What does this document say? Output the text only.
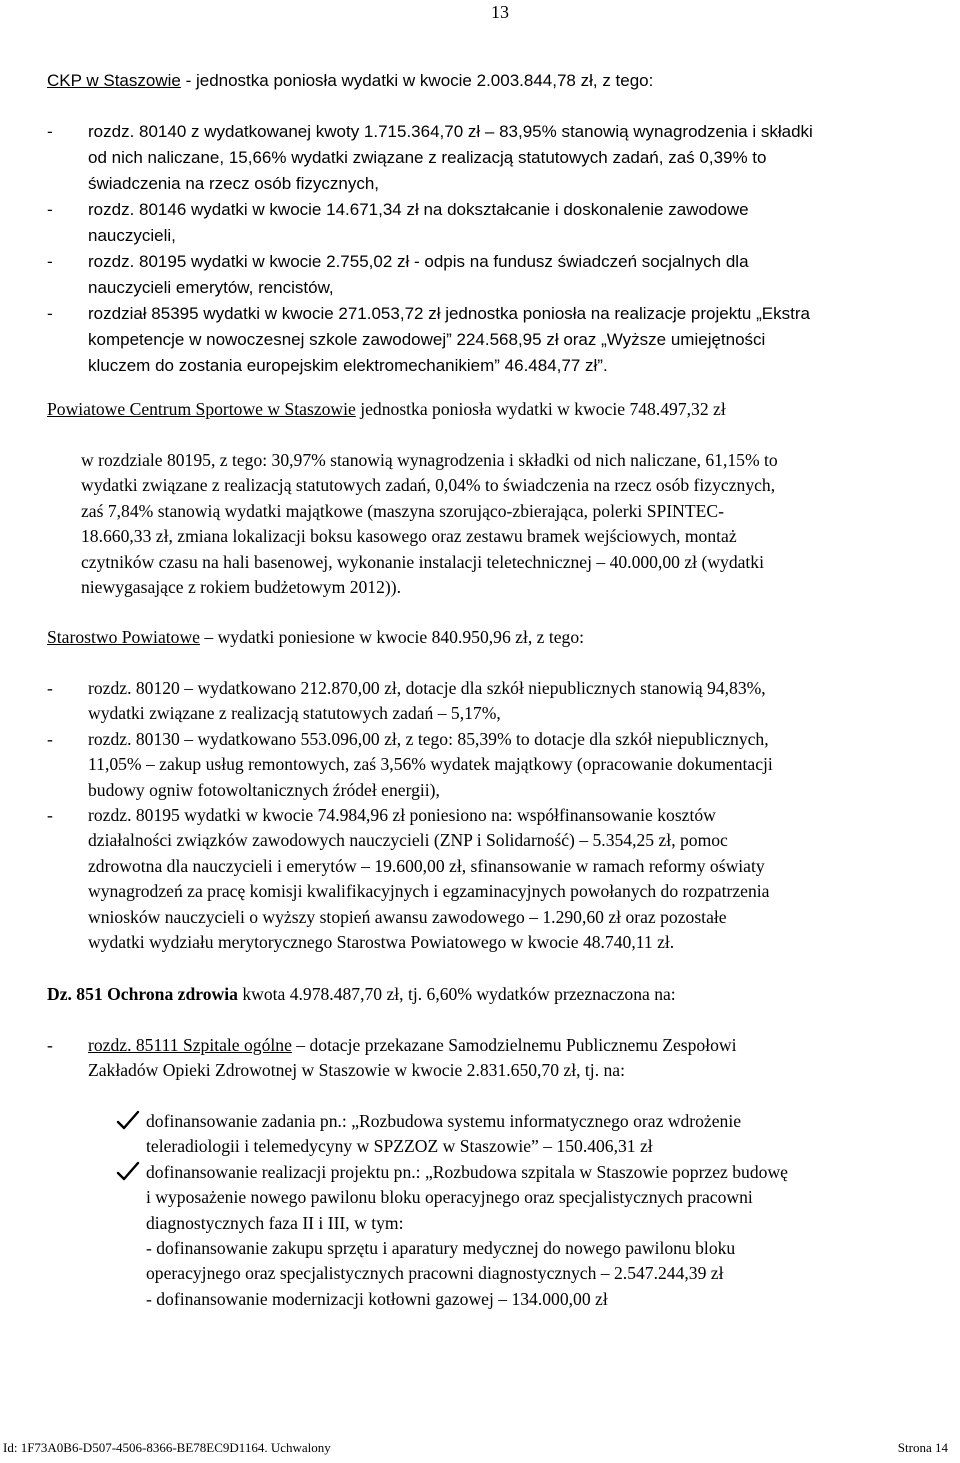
13

CKP w Staszowie - jednostka poniosła wydatki w kwocie 2.003.844,78 zł, z tego:

- rozdz. 80140 z wydatkowanej kwoty 1.715.364,70 zł – 83,95% stanowią wynagrodzenia i składki

od nich naliczane, 15,66% wydatki związane z realizacją statutowych zadań, zaś 0,39% to

świadczenia na rzecz osób fizycznych,

- rozdz. 80146 wydatki w kwocie 14.671,34 zł na dokształcanie i doskonalenie zawodowe

nauczycieli,

- rozdz. 80195 wydatki w kwocie 2.755,02 zł - odpis na fundusz świadczeń socjalnych dla

nauczycieli emerytów, rencistów,

- rozdział 85395 wydatki w kwocie 271.053,72 zł jednostka poniosła na realizacje projektu „Ekstra

kompetencje w nowoczesnej szkole zawodowej” 224.568,95 zł oraz „Wyższe umiejętności

kluczem do zostania europejskim elektromechanikiem” 46.484,77 zł”.

Powiatowe Centrum Sportowe w Staszowie jednostka poniosła wydatki w kwocie 748.497,32 zł

w rozdziale 80195, z tego: 30,97% stanowią wynagrodzenia i składki od nich naliczane, 61,15% to

wydatki związane z realizacją statutowych zadań, 0,04% to świadczenia na rzecz osób fizycznych,

zaś 7,84% stanowią wydatki majątkowe (maszyna szorująco-zbierająca, polerki SPINTEC-

18.660,33 zł, zmiana lokalizacji boksu kasowego oraz zestawu bramek wejściowych, montaż

czytników czasu na hali basenowej, wykonanie instalacji teletechnicznej – 40.000,00 zł (wydatki

niewygasające z rokiem budżetowym 2012)).

Starostwo Powiatowe – wydatki poniesione w kwocie 840.950,96 zł, z tego:

- rozdz. 80120 – wydatkowano 212.870,00 zł, dotacje dla szkół niepublicznych stanowią 94,83%,

wydatki związane z realizacją statutowych zadań – 5,17%,

- rozdz. 80130 – wydatkowano 553.096,00 zł, z tego: 85,39% to dotacje dla szkół niepublicznych,

11,05% – zakup usług remontowych, zaś 3,56% wydatek majątkowy (opracowanie dokumentacji

budowy ogniw fotowoltanicznych źródeł energii),

- rozdz. 80195 wydatki w kwocie 74.984,96 zł poniesiono na: współfinansowanie kosztów

działalności związków zawodowych nauczycieli (ZNP i Solidarność) – 5.354,25 zł, pomoc

zdrowotna dla nauczycieli i emerytów – 19.600,00 zł, sfinansowanie w ramach reformy oświaty

wynagrodzeń za pracę komisji kwalifikacyjnych i egzaminacyjnych powołanych do rozpatrzenia

wniosków nauczycieli o wyższy stopień awansu zawodowego – 1.290,60 zł oraz pozostałe

wydatki wydziału merytorycznego Starostwa Powiatowego w kwocie 48.740,11 zł.

Dz. 851 Ochrona zdrowia kwota 4.978.487,70 zł, tj. 6,60% wydatków przeznaczona na:

- rozdz. 85111 Szpitale ogólne – dotacje przekazane Samodzielnemu Publicznemu Zespołowi

Zakładów Opieki Zdrowotnej w Staszowie w kwocie 2.831.650,70 zł, tj. na:

dofinansowanie zadania pn.: „Rozbudowa systemu informatycznego oraz wdrożenie

teleradiologii i telemedycyny w SPZZOZ w Staszowie” – 150.406,31 zł

dofinansowanie realizacji projektu pn.: „Rozbudowa szpitala w Staszowie poprzez budowę

i wyposażenie nowego pawilonu bloku operacyjnego oraz specjalistycznych pracowni

diagnostycznych faza II i III, w tym:

- dofinansowanie zakupu sprzętu i aparatury medycznej do nowego pawilonu bloku

operacyjnego oraz specjalistycznych pracowni diagnostycznych – 2.547.244,39 zł

- dofinansowanie modernizacji kotłowni gazowej – 134.000,00 zł

Id: 1F73A0B6-D507-4506-8366-BE78EC9D1164. Uchwalony	Strona 14
